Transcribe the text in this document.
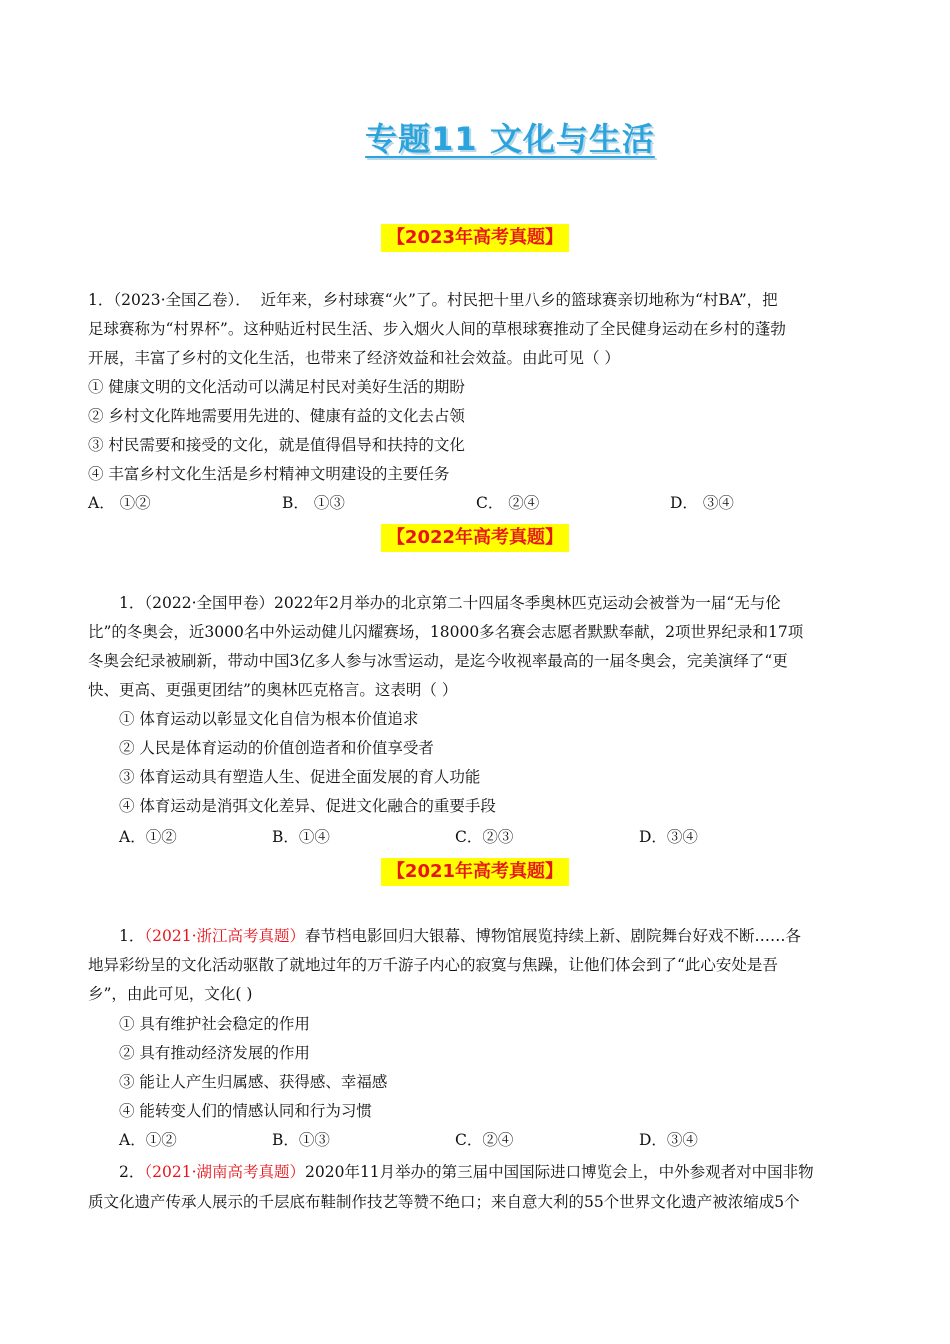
专题11 文化与生活
【2023年高考真题】
1．（2023·全国乙卷）． 近年来，乡村球赛“火”了。村民把十里八乡的篮球赛亲切地称为“村BA”，把
足球赛称为“村界杯”。这种贴近村民生活、步入烟火人间的草根球赛推动了全民健身运动在乡村的蓬勃
开展，丰富了乡村的文化生活，也带来了经济效益和社会效益。由此可见（ ）
① 健康文明的文化活动可以满足村民对美好生活的期盼
② 乡村文化阵地需要用先进的、健康有益的文化去占领
③ 村民需要和接受的文化，就是值得倡导和扶持的文化
④ 丰富乡村文化生活是乡村精神文明建设的主要任务
A． ①②	B． ①③	C． ②④	D． ③④
【2022年高考真题】
1．（2022·全国甲卷）2022年2月举办的北京第二十四届冬季奥林匹克运动会被誉为一届“无与伦
比”的冬奥会，近3000名中外运动健儿闪耀赛场，18000多名赛会志愿者默默奉献，2项世界纪录和17项
冬奥会纪录被刷新，带动中国3亿多人参与冰雪运动，是迄今收视率最高的一届冬奥会，完美演绎了“更
快、更高、更强更团结”的奥林匹克格言。这表明（ ）
① 体育运动以彰显文化自信为根本价值追求
② 人民是体育运动的价值创造者和价值享受者
③ 体育运动具有塑造人生、促进全面发展的育人功能
④ 体育运动是消弭文化差异、促进文化融合的重要手段
A．①②	B．①④	C．②③	D．③④
【2021年高考真题】
1．（2021·浙江高考真题）春节档电影回归大银幕、博物馆展览持续上新、剧院舞台好戏不断……各
地异彩纷呈的文化活动驱散了就地过年的万千游子内心的寂寞与焦躁，让他们体会到了“此心安处是吾
乡”，由此可见，文化( )
① 具有维护社会稳定的作用
② 具有推动经济发展的作用
③ 能让人产生归属感、获得感、幸福感
④ 能转变人们的情感认同和行为习惯
A．①②	B．①③	C．②④	D．③④
2．（2021·湖南高考真题）2020年11月举办的第三届中国国际进口博览会上，中外参观者对中国非物
质文化遗产传承人展示的千层底布鞋制作技艺等赞不绝口；来自意大利的55个世界文化遗产被浓缩成5个
